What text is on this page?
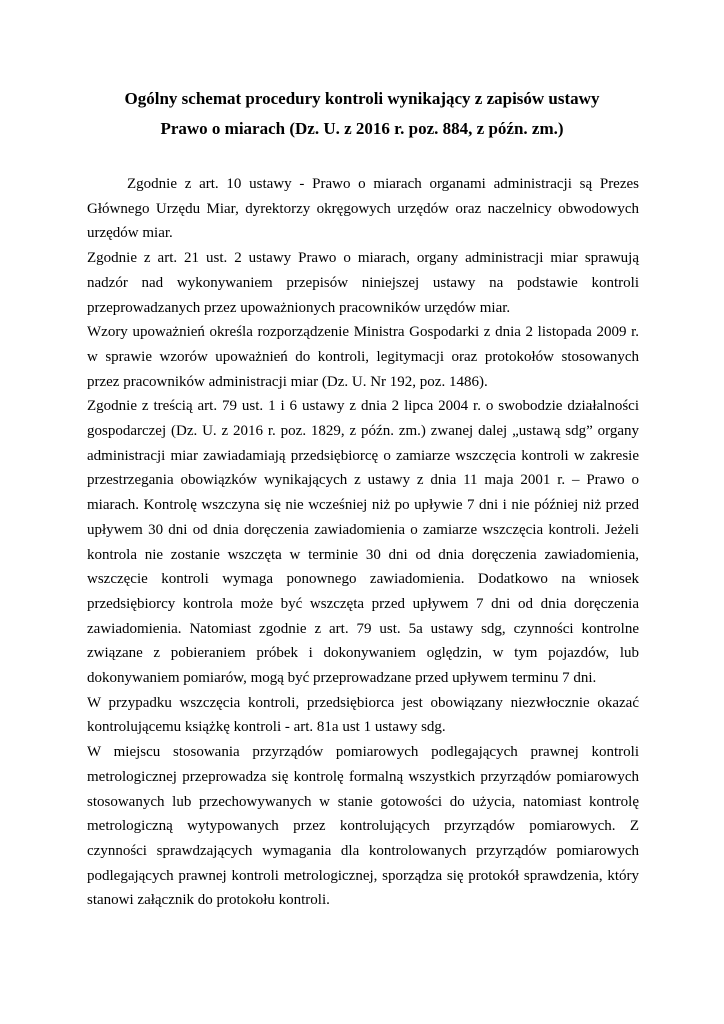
Ogólny schemat procedury kontroli wynikający z zapisów ustawy
Prawo o miarach (Dz. U. z 2016 r. poz. 884, z późn. zm.)

Zgodnie z art. 10 ustawy - Prawo o miarach organami administracji są Prezes Głównego Urzędu Miar, dyrektorzy okręgowych urzędów oraz naczelnicy obwodowych urzędów miar.

Zgodnie z art. 21 ust. 2 ustawy Prawo o miarach, organy administracji miar sprawują nadzór nad wykonywaniem przepisów niniejszej ustawy na podstawie kontroli przeprowadzanych przez upoważnionych pracowników urzędów miar.

Wzory upoważnień określa rozporządzenie Ministra Gospodarki z dnia 2 listopada 2009 r. w sprawie wzorów upoważnień do kontroli, legitymacji oraz protokołów stosowanych przez pracowników administracji miar (Dz. U. Nr 192, poz. 1486).

Zgodnie z treścią art. 79 ust. 1 i 6 ustawy z dnia 2 lipca 2004 r. o swobodzie działalności gospodarczej (Dz. U. z 2016 r. poz. 1829, z późn. zm.) zwanej dalej „ustawą sdg” organy administracji miar zawiadamiają przedsiębiorcę o zamiarze wszczęcia kontroli w zakresie przestrzegania obowiązków wynikających z ustawy z dnia 11 maja 2001 r. – Prawo o miarach. Kontrolę wszczyna się nie wcześniej niż po upływie 7 dni i nie później niż przed upływem 30 dni od dnia doręczenia zawiadomienia o zamiarze wszczęcia kontroli. Jeżeli kontrola nie zostanie wszczęta w terminie 30 dni od dnia doręczenia zawiadomienia, wszczęcie kontroli wymaga ponownego zawiadomienia. Dodatkowo na wniosek przedsiębiorcy kontrola może być wszczęta przed upływem 7 dni od dnia doręczenia zawiadomienia. Natomiast zgodnie z art. 79 ust. 5a ustawy sdg, czynności kontrolne związane z pobieraniem próbek i dokonywaniem oględzin, w tym pojazdów, lub dokonywaniem pomiarów, mogą być przeprowadzane przed upływem terminu 7 dni.

W przypadku wszczęcia kontroli, przedsiębiorca jest obowiązany niezwłocznie okazać kontrolującemu książkę kontroli - art. 81a ust 1 ustawy sdg.

W miejscu stosowania przyrządów pomiarowych podlegających prawnej kontroli metrologicznej przeprowadza się kontrolę formalną wszystkich przyrządów pomiarowych stosowanych lub przechowywanych w stanie gotowości do użycia, natomiast kontrolę metrologiczną wytypowanych przez kontrolujących przyrządów pomiarowych. Z czynności sprawdzających wymagania dla kontrolowanych przyrządów pomiarowych podlegających prawnej kontroli metrologicznej, sporządza się protokół sprawdzenia, który stanowi załącznik do protokołu kontroli.
